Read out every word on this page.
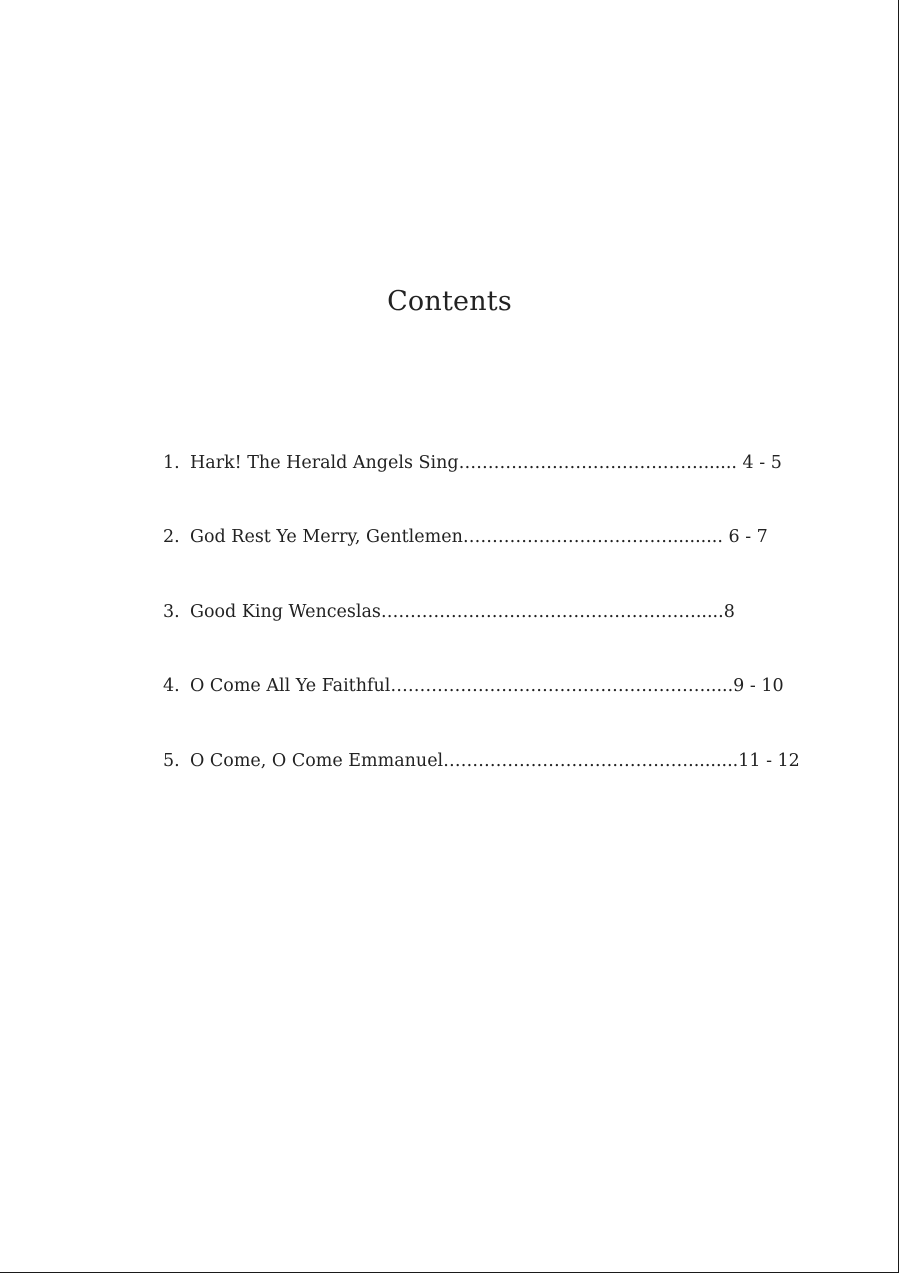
Contents
1. Hark! The Herald Angels Sing……………………………………...... 4 - 5
2. God Rest Ye Merry, Gentlemen………………………………......... 6 - 7
3. Good King Wenceslas……………………………………………….....8
4. O Come All Ye Faithful……………………………………………….....9 - 10
5. O Come, O Come Emmanuel…………………………………….........11 - 12
